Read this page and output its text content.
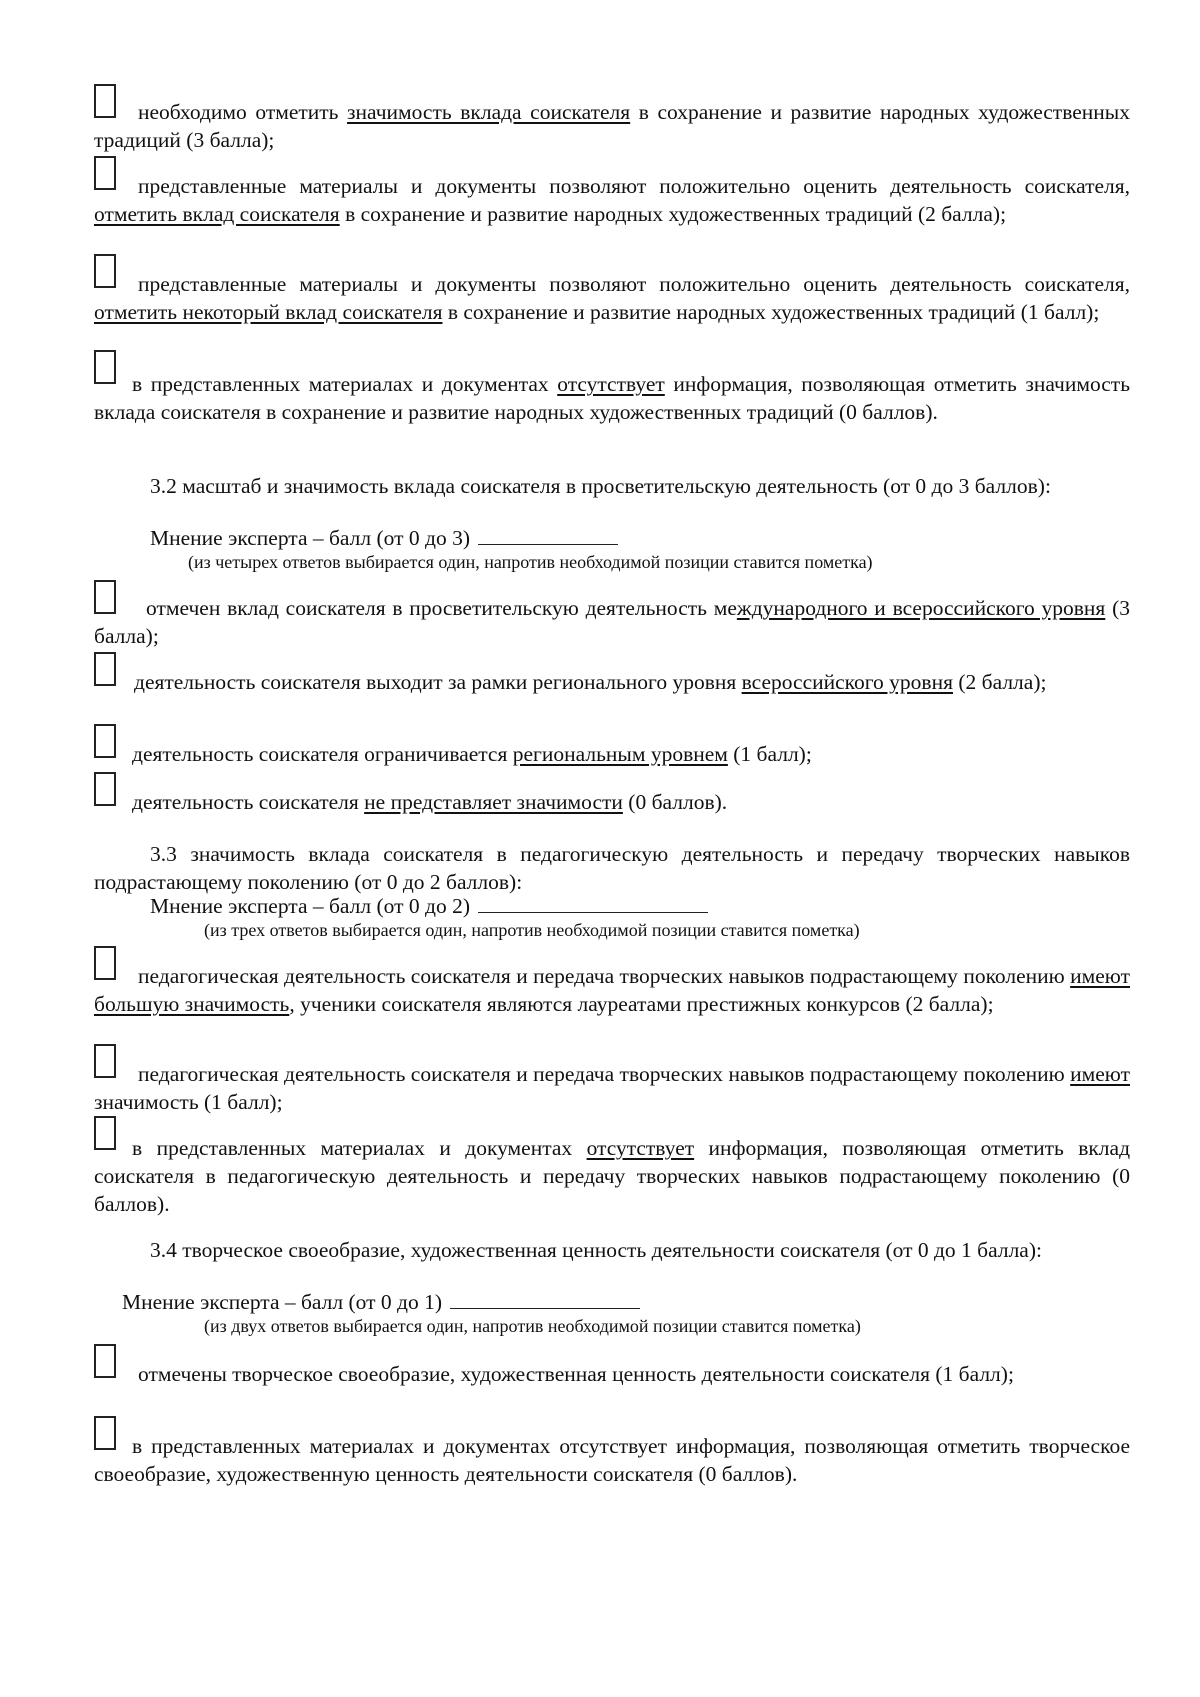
необходимо отметить значимость вклада соискателя в сохранение и развитие народных художественных традиций (3 балла);

представленные материалы и документы позволяют положительно оценить деятельность соискателя, отметить вклад соискателя в сохранение и развитие народных художественных традиций (2 балла);

представленные материалы и документы позволяют положительно оценить деятельность соискателя, отметить некоторый вклад соискателя в сохранение и развитие народных художественных традиций (1 балл);

в представленных материалах и документах отсутствует информация, позволяющая отметить значимость вклада соискателя в сохранение и развитие народных художественных традиций (0 баллов).

3.2 масштаб и значимость вклада соискателя в просветительскую деятельность (от 0 до 3 баллов):

Мнение эксперта – балл (от 0 до 3)
(из четырех ответов выбирается один, напротив необходимой позиции ставится пометка)

отмечен вклад соискателя в просветительскую деятельность международного и всероссийского уровня (3 балла);

деятельность соискателя выходит за рамки регионального уровня всероссийского уровня (2 балла);

деятельность соискателя ограничивается региональным уровнем (1 балл);

деятельность соискателя не представляет значимости (0 баллов).

3.3 значимость вклада соискателя в педагогическую деятельность и передачу творческих навыков подрастающему поколению (от 0 до 2 баллов):

Мнение эксперта – балл (от 0 до 2)
(из трех ответов выбирается один, напротив необходимой позиции ставится пометка)

педагогическая деятельность соискателя и передача творческих навыков подрастающему поколению имеют большую значимость, ученики соискателя являются лауреатами престижных конкурсов (2 балла);

педагогическая деятельность соискателя и передача творческих навыков подрастающему поколению имеют значимость (1 балл);

в представленных материалах и документах отсутствует информация, позволяющая отметить вклад соискателя в педагогическую деятельность и передачу творческих навыков подрастающему поколению (0 баллов).

3.4 творческое своеобразие, художественная ценность деятельности соискателя (от 0 до 1 балла):

Мнение эксперта – балл (от 0 до 1)
(из двух ответов выбирается один, напротив необходимой позиции ставится пометка)

отмечены творческое своеобразие, художественная ценность деятельности соискателя (1 балл);

в представленных материалах и документах отсутствует информация, позволяющая отметить творческое своеобразие, художественную ценность деятельности соискателя (0 баллов).
